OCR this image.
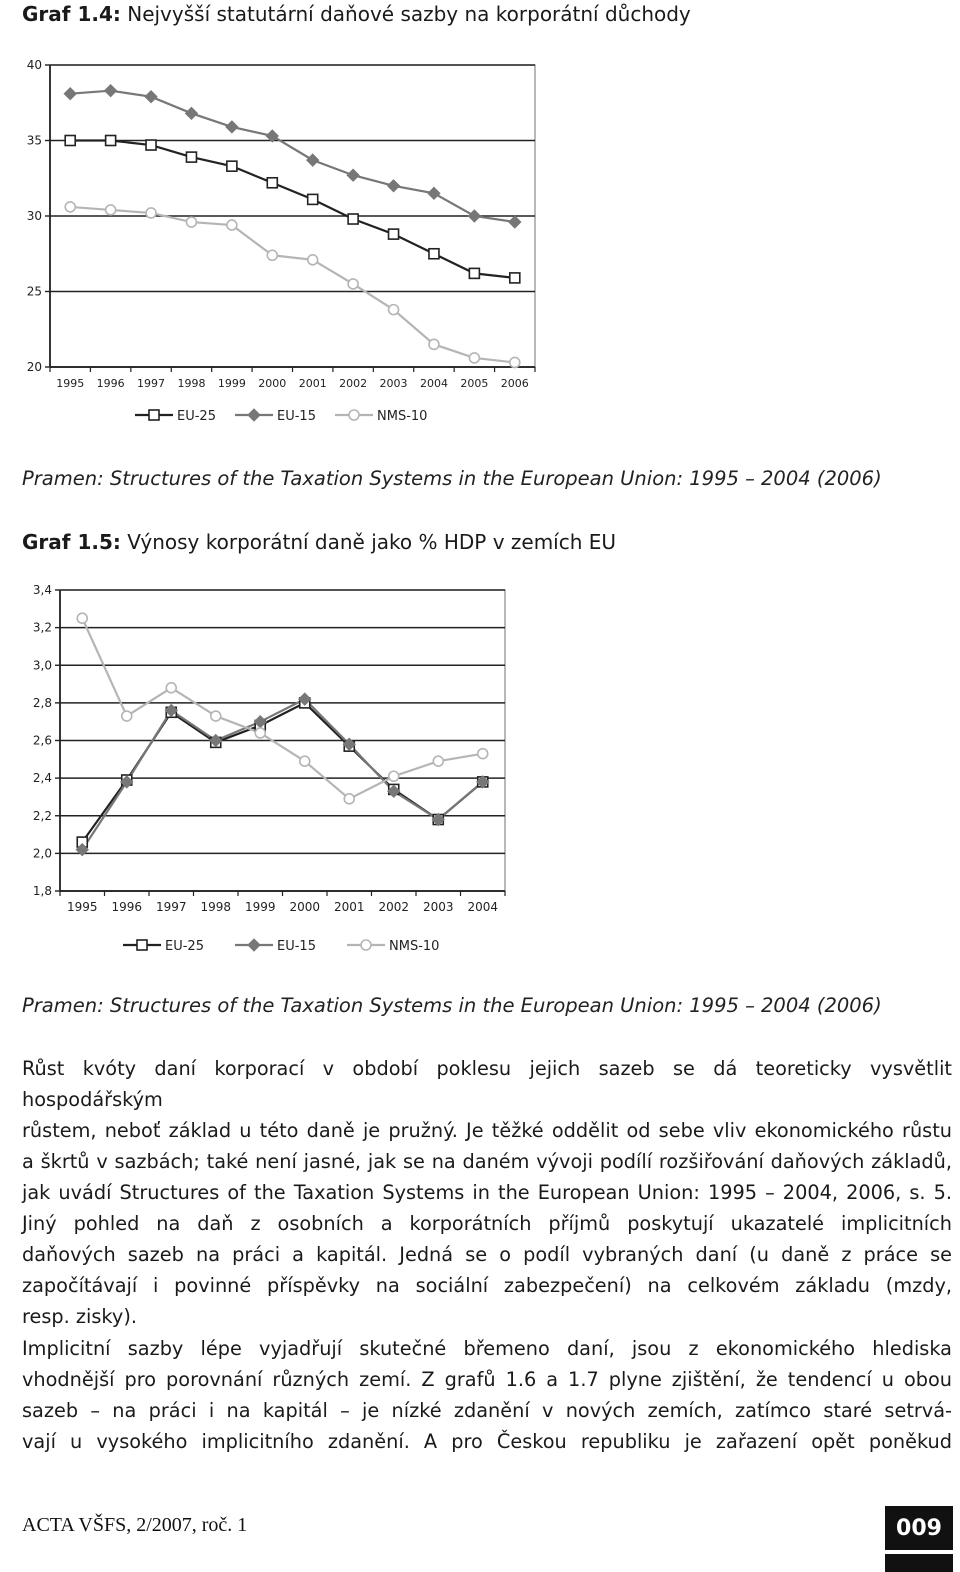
Graf 1.4: Nejvyšší statutární daňové sazby na korporátní důchody
20
25
30
35
40
1995 1996 1997 1998 1999 2000 2001 2002 2003 2004 2005 2006
EU-25	EU-15	NMS-10
Pramen: Structures of the Taxation Systems in the European Union: 1995 – 2004 (2006)
Graf 1.5: Výnosy korporátní daně jako % HDP v zemích EU
1,8
2,0
2,2
2,4
2,6
2,8
3,0
3,2
3,4
1995 1996 1997 1998 1999 2000 2001 2002 2003 2004
EU-25	EU-15	NMS-10
Pramen: Structures of the Taxation Systems in the European Union: 1995 – 2004 (2006)
Růst kvóty daní korporací v období poklesu jejich sazeb se dá teoreticky vysvětlit hospodářským
růstem, neboť základ u této daně je pružný. Je těžké oddělit od sebe vliv ekonomického růstu
a škrtů v sazbách; také není jasné, jak se na daném vývoji podílí rozšiřování daňových základů,
jak uvádí Structures of the Taxation Systems in the European Union: 1995 – 2004, 2006, s. 5.
Jiný pohled na daň z osobních a korporátních příjmů poskytují ukazatelé implicitních
daňových sazeb na práci a kapitál. Jedná se o podíl vybraných daní (u daně z práce se
započítávají i povinné příspěvky na sociální zabezpečení) na celkovém základu (mzdy,
resp. zisky).
Implicitní sazby lépe vyjadřují skutečné břemeno daní, jsou z ekonomického hlediska
vhodnější pro porovnání různých zemí. Z grafů 1.6 a 1.7 plyne zjištění, že tendencí u obou
sazeb – na práci i na kapitál – je nízké zdanění v nových zemích, zatímco staré setrvá-
vají u vysokého implicitního zdanění. A pro Českou republiku je zařazení opět poněkud
ACTA VŠFS, 2/2007, roč. 1	009
